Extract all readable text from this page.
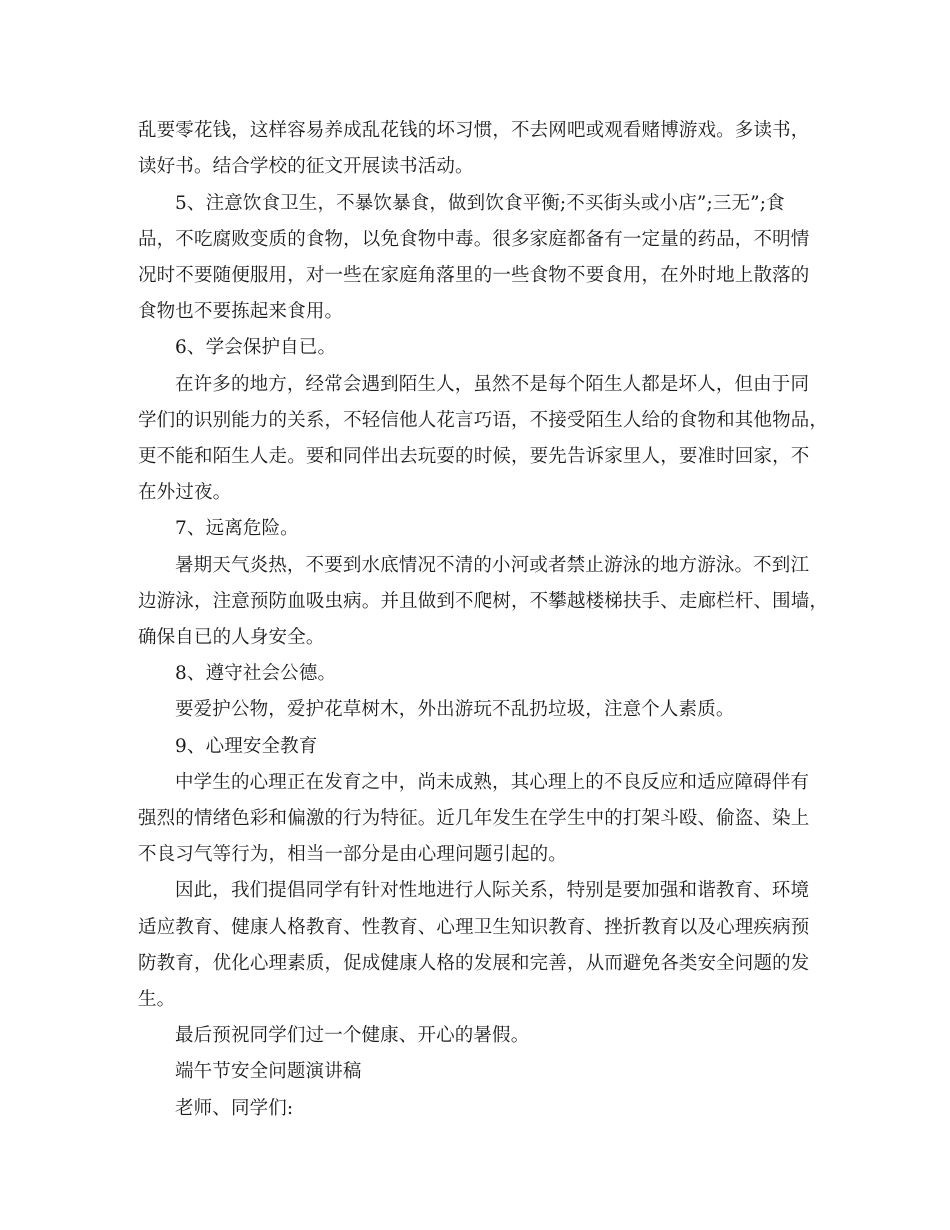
乱要零花钱，这样容易养成乱花钱的坏习惯，不去网吧或观看赌博游戏。多读书，
读好书。结合学校的征文开展读书活动。
5、注意饮食卫生，不暴饮暴食，做到饮食平衡;不买街头或小店”;三无”;食
品，不吃腐败变质的食物，以免食物中毒。很多家庭都备有一定量的药品，不明情
况时不要随便服用，对一些在家庭角落里的一些食物不要食用，在外时地上散落的
食物也不要拣起来食用。
6、学会保护自已。
在许多的地方，经常会遇到陌生人，虽然不是每个陌生人都是坏人，但由于同
学们的识别能力的关系，不轻信他人花言巧语，不接受陌生人给的食物和其他物品，
更不能和陌生人走。要和同伴出去玩耍的时候，要先告诉家里人，要准时回家，不
在外过夜。
7、远离危险。
暑期天气炎热，不要到水底情况不清的小河或者禁止游泳的地方游泳。不到江
边游泳，注意预防血吸虫病。并且做到不爬树，不攀越楼梯扶手、走廊栏杆、围墙，
确保自已的人身安全。
8、遵守社会公德。
要爱护公物，爱护花草树木，外出游玩不乱扔垃圾，注意个人素质。
9、心理安全教育
中学生的心理正在发育之中，尚未成熟，其心理上的不良反应和适应障碍伴有
强烈的情绪色彩和偏激的行为特征。近几年发生在学生中的打架斗殴、偷盗、染上
不良习气等行为，相当一部分是由心理问题引起的。
因此，我们提倡同学有针对性地进行人际关系，特别是要加强和谐教育、环境
适应教育、健康人格教育、性教育、心理卫生知识教育、挫折教育以及心理疾病预
防教育，优化心理素质，促成健康人格的发展和完善，从而避免各类安全问题的发
生。
最后预祝同学们过一个健康、开心的暑假。
端午节安全问题演讲稿
老师、同学们:
